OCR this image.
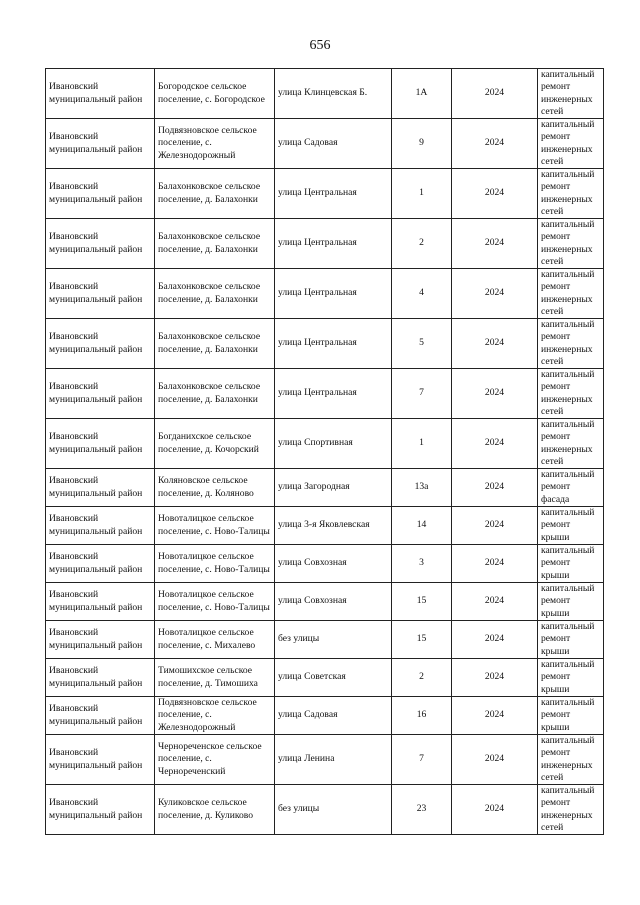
656
Ивановский муниципальный район	Богородское сельское поселение, с. Богородское	улица Клинцевская Б.	1А	2024	капитальный ремонт инженерных сетей
Ивановский муниципальный район	Подвязновское сельское поселение, с. Железнодорожный	улица Садовая	9	2024	капитальный ремонт инженерных сетей
Ивановский муниципальный район	Балахонковское сельское поселение, д. Балахонки	улица Центральная	1	2024	капитальный ремонт инженерных сетей
Ивановский муниципальный район	Балахонковское сельское поселение, д. Балахонки	улица Центральная	2	2024	капитальный ремонт инженерных сетей
Ивановский муниципальный район	Балахонковское сельское поселение, д. Балахонки	улица Центральная	4	2024	капитальный ремонт инженерных сетей
Ивановский муниципальный район	Балахонковское сельское поселение, д. Балахонки	улица Центральная	5	2024	капитальный ремонт инженерных сетей
Ивановский муниципальный район	Балахонковское сельское поселение, д. Балахонки	улица Центральная	7	2024	капитальный ремонт инженерных сетей
Ивановский муниципальный район	Богданихское сельское поселение, д. Кочорский	улица Спортивная	1	2024	капитальный ремонт инженерных сетей
Ивановский муниципальный район	Коляновское сельское поселение, д. Коляново	улица Загородная	13а	2024	капитальный ремонт фасада
Ивановский муниципальный район	Новоталицкое сельское поселение, с. Ново-Талицы	улица 3-я Яковлевская	14	2024	капитальный ремонт крыши
Ивановский муниципальный район	Новоталицкое сельское поселение, с. Ново-Талицы	улица Совхозная	3	2024	капитальный ремонт крыши
Ивановский муниципальный район	Новоталицкое сельское поселение, с. Ново-Талицы	улица Совхозная	15	2024	капитальный ремонт крыши
Ивановский муниципальный район	Новоталицкое сельское поселение, с. Михалево	без улицы	15	2024	капитальный ремонт крыши
Ивановский муниципальный район	Тимошихское сельское поселение, д. Тимошиха	улица Советская	2	2024	капитальный ремонт крыши
Ивановский муниципальный район	Подвязновское сельское поселение, с. Железнодорожный	улица Садовая	16	2024	капитальный ремонт крыши
Ивановский муниципальный район	Чернореченское сельское поселение, с. Чернореченский	улица Ленина	7	2024	капитальный ремонт инженерных сетей
Ивановский муниципальный район	Куликовское сельское поселение, д. Куликово	без улицы	23	2024	капитальный ремонт инженерных сетей
